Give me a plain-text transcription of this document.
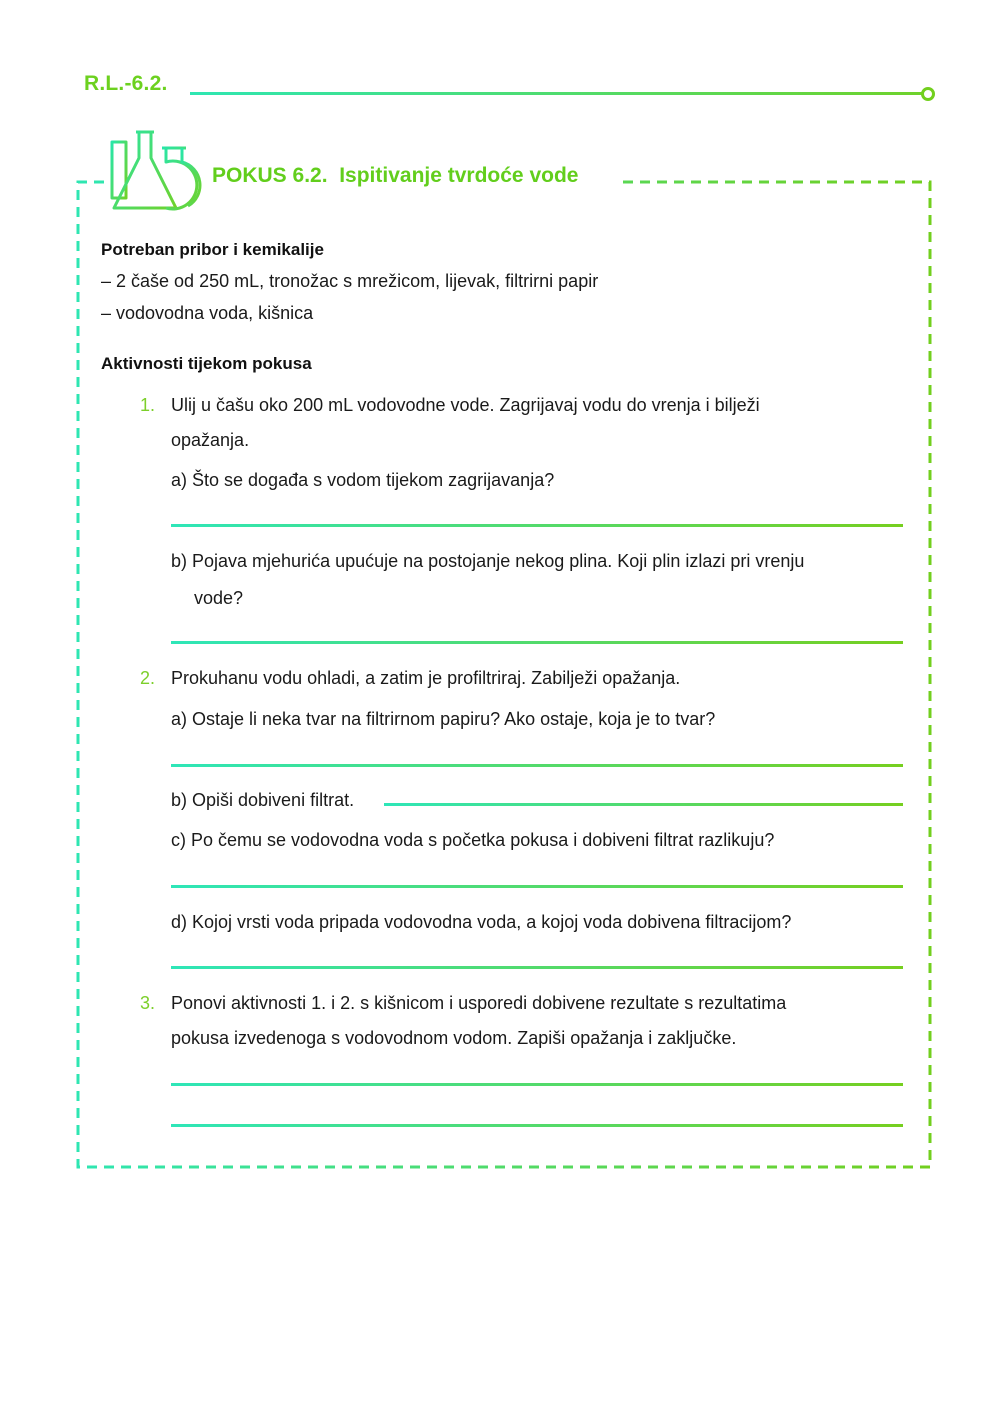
R.L.-6.2.
POKUS 6.2.  Ispitivanje tvrdoće vode
Potreban pribor i kemikalije
– 2 čaše od 250 mL, tronožac s mrežicom, lijevak, filtrirni papir
– vodovodna voda, kišnica
Aktivnosti tijekom pokusa
1. Ulij u čašu oko 200 mL vodovodne vode. Zagrijavaj vodu do vrenja i bilježi
opažanja.
a) Što se događa s vodom tijekom zagrijavanja?
b) Pojava mjehurića upućuje na postojanje nekog plina. Koji plin izlazi pri vrenju
vode?
2. Prokuhanu vodu ohladi, a zatim je profiltriraj. Zabilježi opažanja.
a) Ostaje li neka tvar na filtrirnom papiru? Ako ostaje, koja je to tvar?
b) Opiši dobiveni filtrat.
c) Po čemu se vodovodna voda s početka pokusa i dobiveni filtrat razlikuju?
d) Kojoj vrsti voda pripada vodovodna voda, a kojoj voda dobivena filtracijom?
3. Ponovi aktivnosti 1. i 2. s kišnicom i usporedi dobivene rezultate s rezultatima
pokusa izvedenoga s vodovodnom vodom. Zapiši opažanja i zaključke.
